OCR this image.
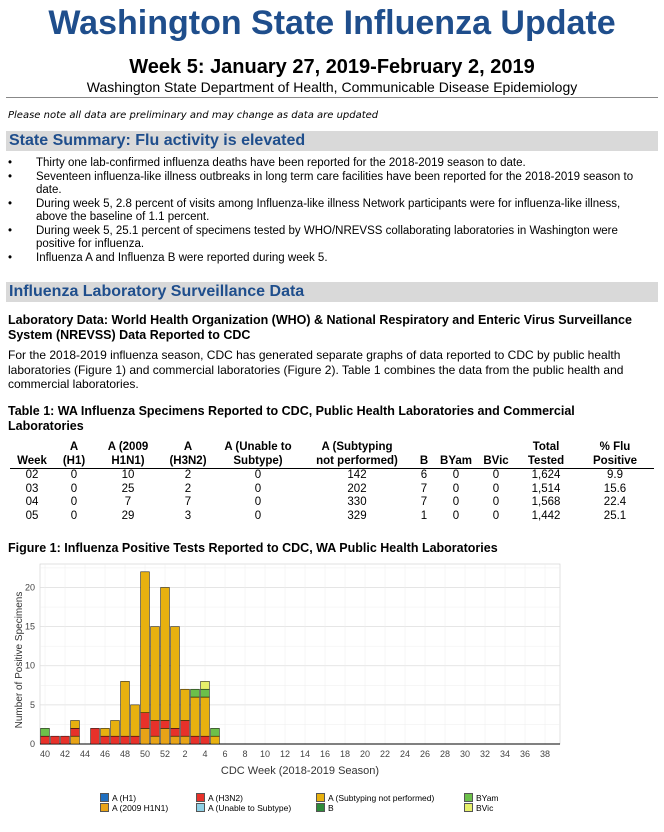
Washington State Influenza Update
Week 5: January 27, 2019-February 2, 2019
Washington State Department of Health, Communicable Disease Epidemiology
Please note all data are preliminary and may change as data are updated
State Summary: Flu activity is elevated
•	Thirty one lab-confirmed influenza deaths have been reported for the 2018-2019 season to date.
•	Seventeen influenza-like illness outbreaks in long term care facilities have been reported for the 2018-2019 season to date.
•	During week 5, 2.8 percent of visits among Influenza-like illness Network participants were for influenza-like illness, above the baseline of 1.1 percent.
•	During week 5, 25.1 percent of specimens tested by WHO/NREVSS collaborating laboratories in Washington were positive for influenza.
•	Influenza A and Influenza B were reported during week 5.
Influenza Laboratory Surveillance Data
Laboratory Data: World Health Organization (WHO) & National Respiratory and Enteric Virus Surveillance System (NREVSS) Data Reported to CDC
For the 2018-2019 influenza season, CDC has generated separate graphs of data reported to CDC by public health laboratories (Figure 1) and commercial laboratories (Figure 2). Table 1 combines the data from the public health and commercial laboratories.
Table 1: WA Influenza Specimens Reported to CDC, Public Health Laboratories and Commercial Laboratories
	A	A (2009	A	A (Unable to	A (Subtyping				Total	% Flu
Week	(H1)	H1N1)	(H3N2)	Subtype)	not performed)	B	BYam	BVic	Tested	Positive
02	0	10	2	0	142	6	0	0	1,624	9.9
03	0	25	2	0	202	7	0	0	1,514	15.6
04	0	7	7	0	330	7	0	0	1,568	22.4
05	0	29	3	0	329	1	0	0	1,442	25.1
Figure 1: Influenza Positive Tests Reported to CDC, WA Public Health Laboratories
0
5
10
15
20
40 42 44 46 48 50 52 2 4 6 8 10 12 14 16 18 20 22 24 26 28 30 32 34 36 38
CDC Week (2018-2019 Season)
Number of Positive Specimens
A (H1)
A (2009 H1N1)
A (H3N2)
A (Unable to Subtype)
A (Subtyping not performed)
B
BYam
BVic
